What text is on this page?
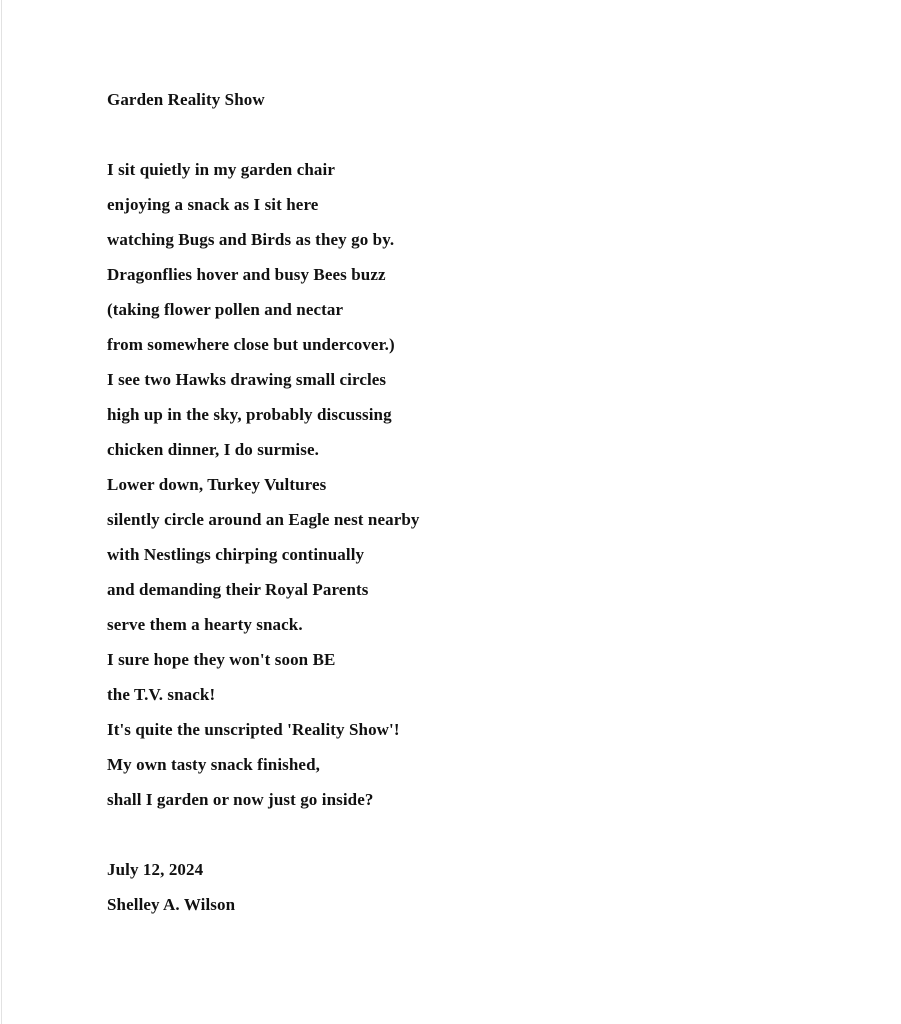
Garden Reality Show
I sit quietly in my garden chair
enjoying a snack as I sit here
watching Bugs and Birds as they go by.
Dragonflies hover and busy Bees buzz
(taking flower pollen and nectar
from somewhere close but undercover.)
I see two Hawks drawing small circles
high up in the sky, probably discussing
chicken dinner, I do surmise.
Lower down, Turkey Vultures
silently circle around an Eagle nest nearby
with Nestlings chirping continually
and demanding their Royal Parents
serve them a hearty snack.
I sure hope they won't soon BE
the T.V. snack!
It's quite the unscripted 'Reality Show'!
My own tasty snack finished,
shall I garden or now just go inside?
July 12, 2024
Shelley A. Wilson
